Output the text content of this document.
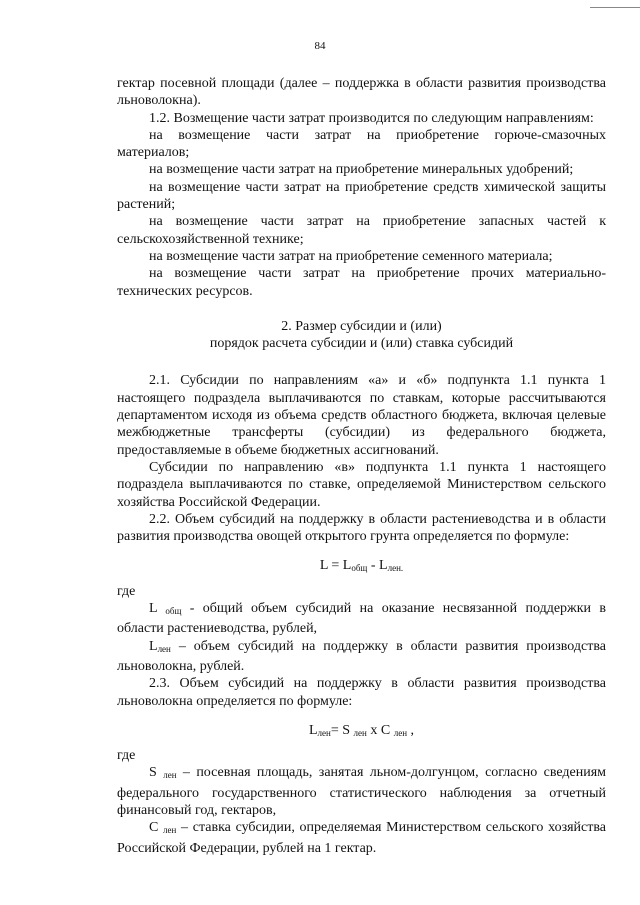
84

гектар посевной площади (далее – поддержка в области развития производства льноволокна).

1.2. Возмещение части затрат производится по следующим направлениям:

на возмещение части затрат на приобретение горюче-смазочных материалов;

на возмещение части затрат на приобретение минеральных удобрений;

на возмещение части затрат на приобретение средств химической защиты растений;

на возмещение части затрат на приобретение запасных частей к сельскохозяйственной технике;

на возмещение части затрат на приобретение семенного материала;

на возмещение части затрат на приобретение прочих материально-технических ресурсов.

2. Размер субсидии и (или)

порядок расчета субсидии и (или) ставка субсидий

2.1. Субсидии по направлениям «а» и «б» подпункта 1.1 пункта 1 настоящего подраздела выплачиваются по ставкам, которые рассчитываются департаментом исходя из объема средств областного бюджета, включая целевые межбюджетные трансферты (субсидии) из федерального бюджета, предоставляемые в объеме бюджетных ассигнований.

Субсидии по направлению «в» подпункта 1.1 пункта 1 настоящего подраздела выплачиваются по ставке, определяемой Министерством сельского хозяйства Российской Федерации.

2.2. Объем субсидий на поддержку в области растениеводства и в области развития производства овощей открытого грунта определяется по формуле:

$L = L_{общ} - L_{лен.}$

где

L $_{общ}$ - общий объем субсидий на оказание несвязанной поддержки в области растениеводства, рублей,

$L_{лен}$ – объем субсидий на поддержку в области развития производства льноволокна, рублей.

2.3. Объем субсидий на поддержку в области развития производства льноволокна определяется по формуле:

$L_{лен}= S$ $_{лен}$ x C $_{лен}$ ,

где

S $_{лен}$ – посевная площадь, занятая льном-долгунцом, согласно сведениям федерального государственного статистического наблюдения за отчетный финансовый год, гектаров,

C $_{лен}$ – ставка субсидии, определяемая Министерством сельского хозяйства Российской Федерации, рублей на 1 гектар.
